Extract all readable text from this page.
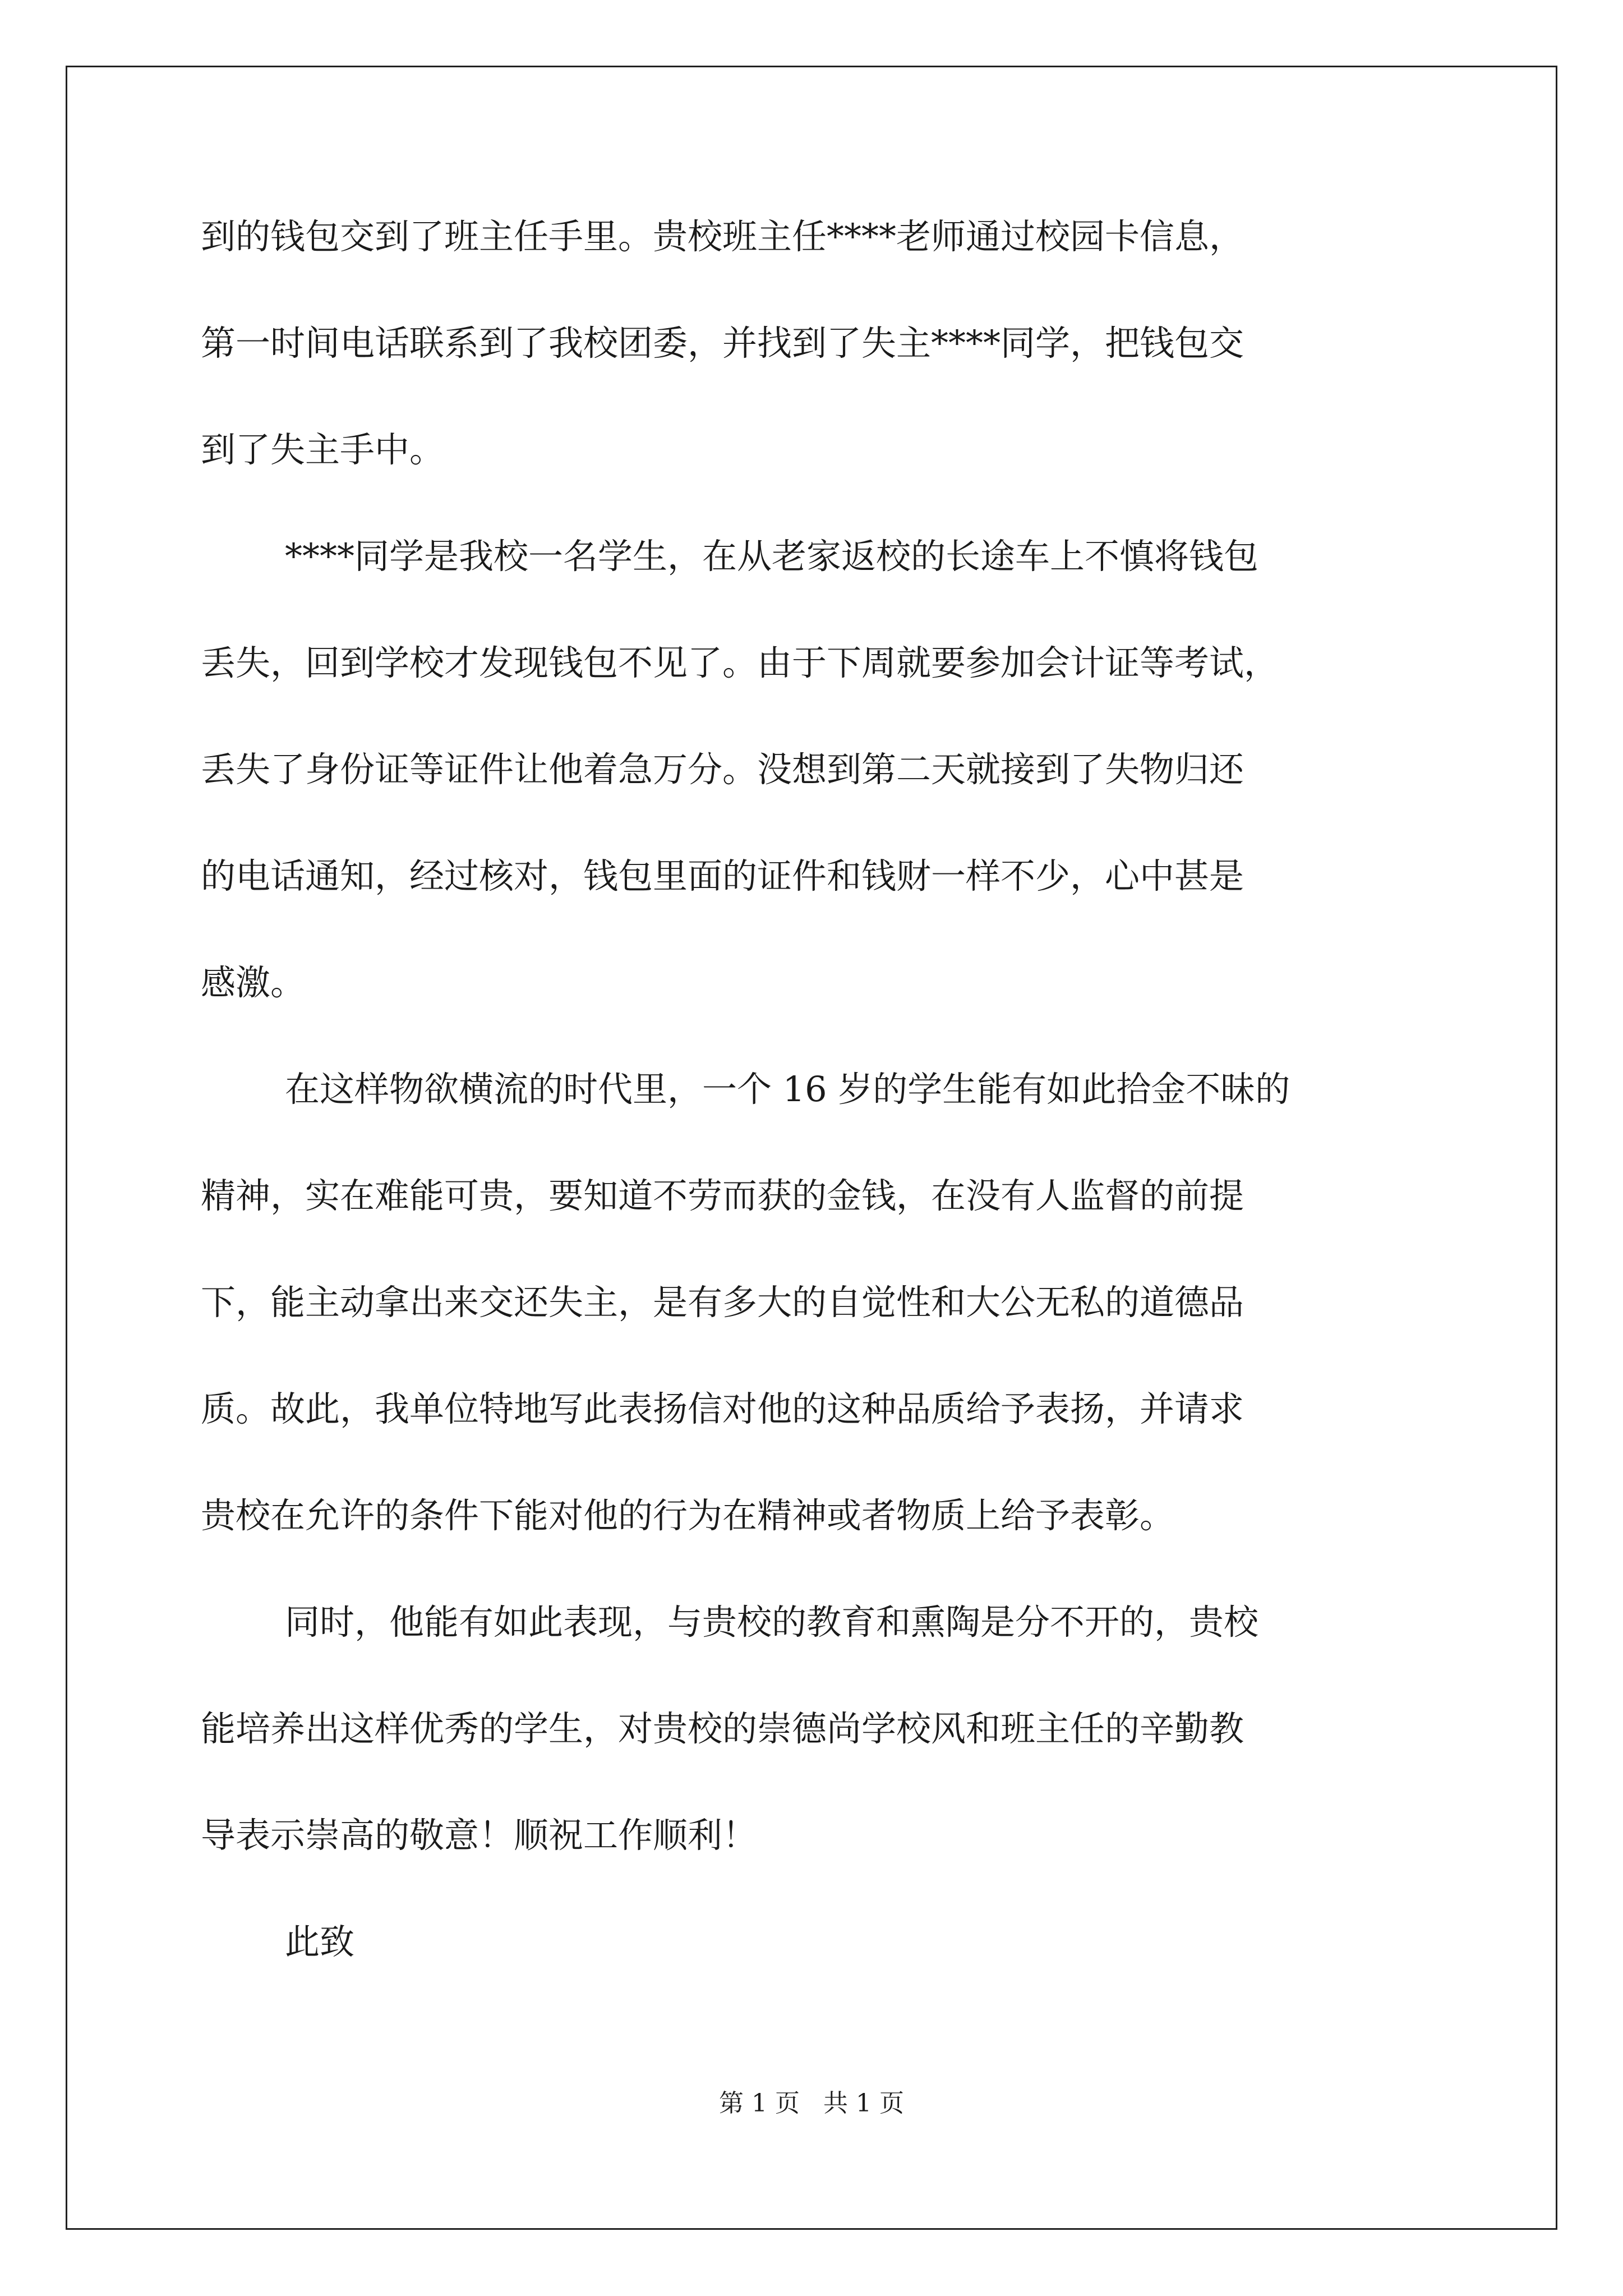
到的钱包交到了班主任手里。贵校班主任****老师通过校园卡信息，
第一时间电话联系到了我校团委，并找到了失主****同学，把钱包交
到了失主手中。
****同学是我校一名学生，在从老家返校的长途车上不慎将钱包
丢失，回到学校才发现钱包不见了。由于下周就要参加会计证等考试，
丢失了身份证等证件让他着急万分。没想到第二天就接到了失物归还
的电话通知，经过核对，钱包里面的证件和钱财一样不少，心中甚是
感激。
在这样物欲横流的时代里，一个 16 岁的学生能有如此拾金不昧的
精神，实在难能可贵，要知道不劳而获的金钱，在没有人监督的前提
下，能主动拿出来交还失主，是有多大的自觉性和大公无私的道德品
质。故此，我单位特地写此表扬信对他的这种品质给予表扬，并请求
贵校在允许的条件下能对他的行为在精神或者物质上给予表彰。
同时，他能有如此表现，与贵校的教育和熏陶是分不开的，贵校
能培养出这样优秀的学生，对贵校的崇德尚学校风和班主任的辛勤教
导表示崇高的敬意！顺祝工作顺利！
此致
第 1 页   共 1 页
